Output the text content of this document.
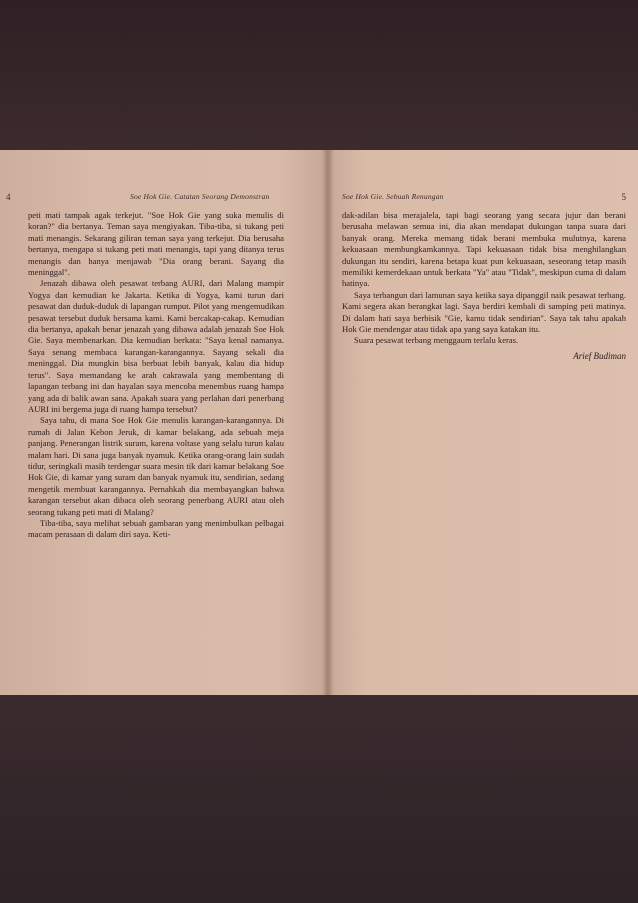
4	Soe Hok Gie. Catatan Seorang Demonstran

peti mati tampak agak terkejut. "Soe Hok Gie yang suka menulis di koran?" dia bertanya. Teman saya mengiyakan. Tiba-tiba, si tukang peti mati menangis. Sekarang giliran teman saya yang terkejut. Dia berusaha bertanya, mengapa si tukang peti mati menangis, tapi yang ditanya terus menangis dan hanya menjawab "Dia orang berani. Sayang dia meninggal".

Jenazah dibawa oleh pesawat terbang AURI, dari Malang mampir Yogya dan kemudian ke Jakarta. Ketika di Yogya, kami turun dari pesawat dan duduk-duduk di lapangan rumput. Pilot yang mengemudikan pesawat tersebut duduk bersama kami. Kami bercakap-cakap. Kemudian dia bertanya, apakah benar jenazah yang dibawa adalah jenazah Soe Hok Gie. Saya membenarkan. Dia kemudian berkata: "Saya kenal namanya. Saya senang membaca karangan-karangannya. Sayang sekali dia meninggal. Dia mungkin bisa berbuat lebih banyak, kalau dia hidup terus". Saya memandang ke arah cakrawala yang membentang di lapangan terbang ini dan hayalan saya mencoba menembus ruang hampa yang ada di balik awan sana. Apakah suara yang perlahan dari penerbang AURI ini bergema juga di ruang hampa tersebut?

Saya tahu, di mana Soe Hok Gie menulis karangan-karangannya. Di rumah di Jalan Kebon Jeruk, di kamar belakang, ada sebuah meja panjang. Penerangan listrik suram, karena voltase yang selalu turun kalau malam hari. Di sana juga banyak nyamuk. Ketika orang-orang lain sudah tidur, seringkali masih terdengar suara mesin tik dari kamar belakang Soe Hok Gie, di kamar yang suram dan banyak nyamuk itu, sendirian, sedang mengetik membuat karangannya. Pernahkah dia membayangkan bahwa karangan tersebut akan dibaca oleh seorang penerbang AURI atau oleh seorang tukang peti mati di Malang?

Tiba-tiba, saya melihat sebuah gambaran yang menimbulkan pelbagai macam perasaan di dalam diri saya. Keti-

Soe Hok Gie. Sebuah Renungan	5

dak-adilan bisa merajalela, tapi bagi seorang yang secara jujur dan berani berusaha melawan semua ini, dia akan mendapat dukungan tanpa suara dari banyak orang. Mereka memang tidak berani membuka mulutnya, karena kekuasaan membungkamkannya. Tapi kekuasaan tidak bisa menghilangkan dukungan itu sendiri, karena betapa kuat pun kekuasaan, seseorang tetap masih memiliki kemerdekaan untuk berkata "Ya" atau "Tidak", meskipun cuma di dalam hatinya.

Saya terbangun dari lamunan saya ketika saya dipanggil naik pesawat terbang. Kami segera akan berangkat lagi. Saya berdiri kembali di samping peti matinya. Di dalam hati saya berbisik "Gie, kamu tidak sendirian". Saya tak tahu apakah Hok Gie mendengar atau tidak apa yang saya katakan itu.

Suara pesawat terbang menggaum terlalu keras.

Arief Budiman
